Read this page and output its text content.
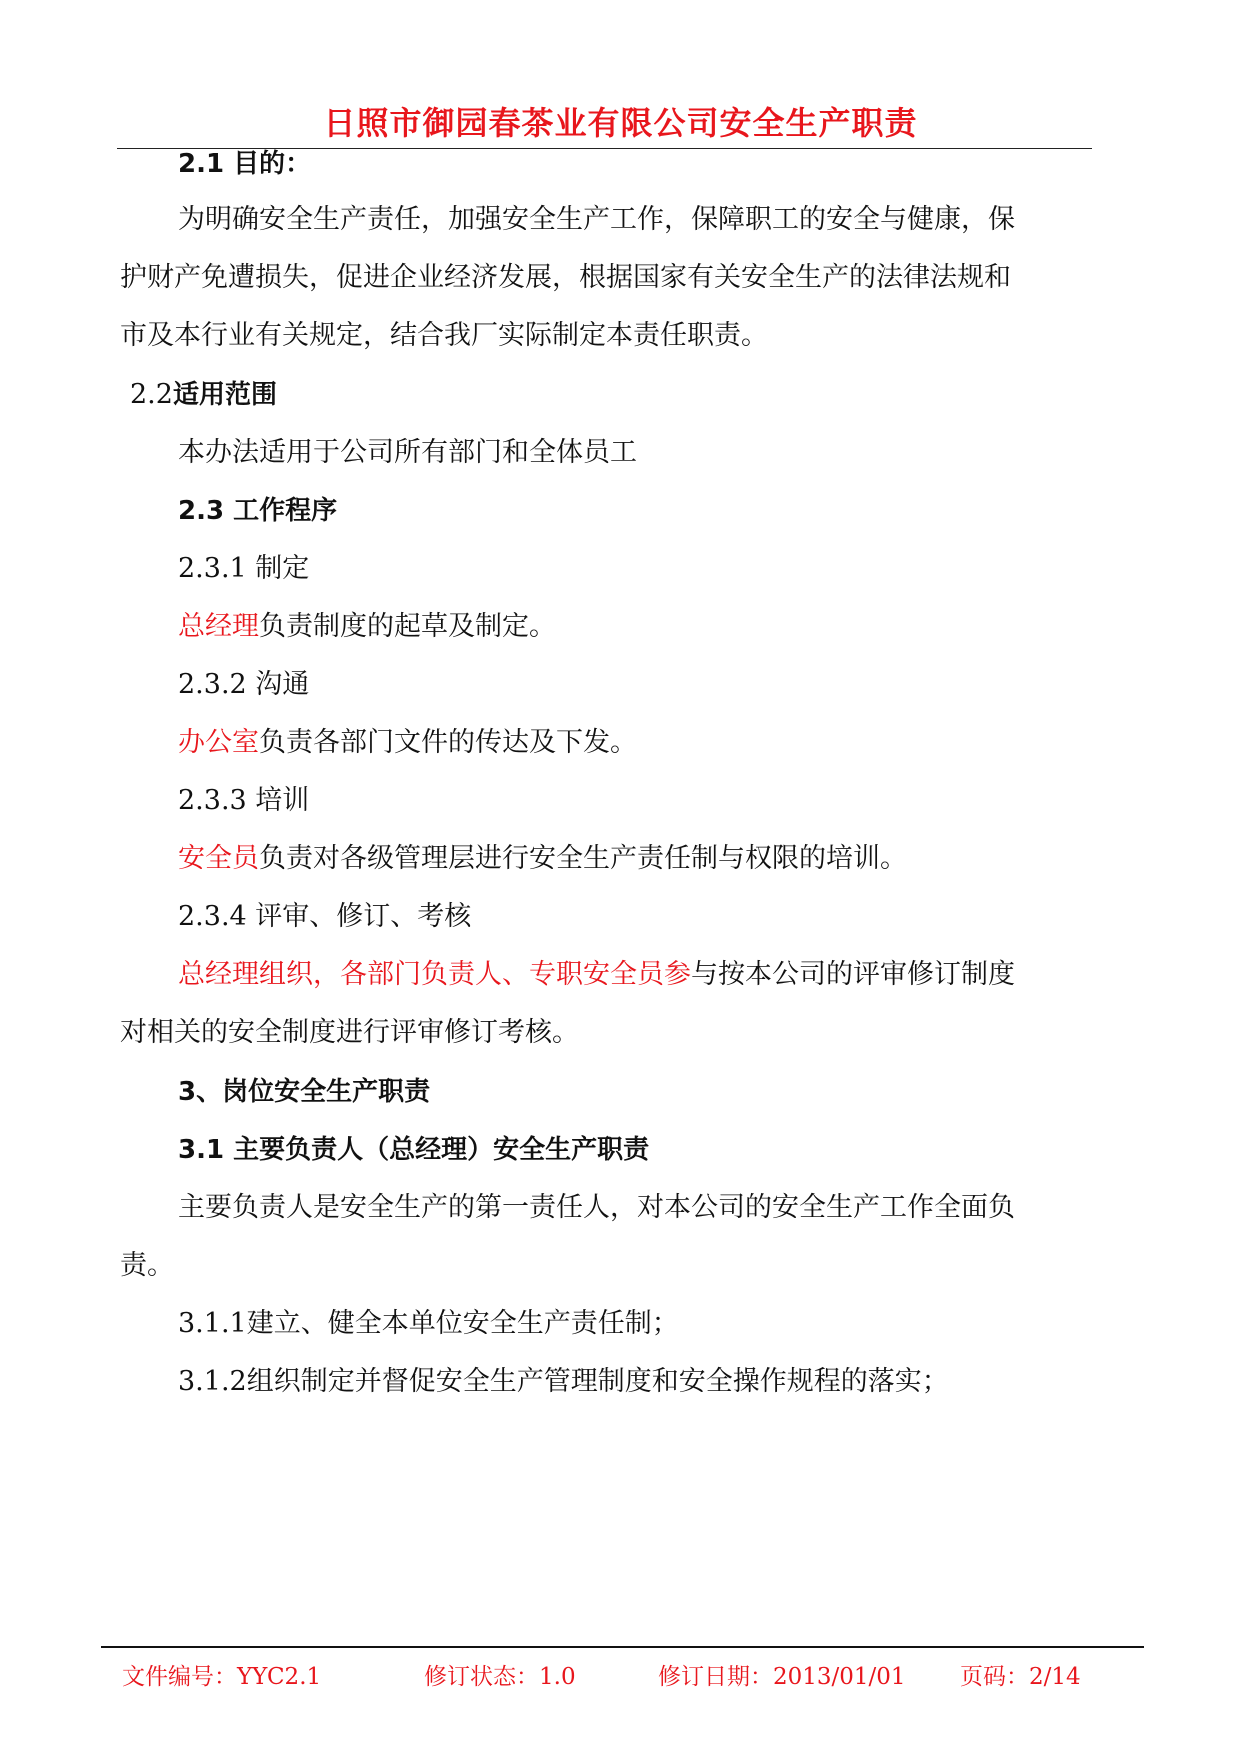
日照市御园春茶业有限公司安全生产职责

2.1 目的：

为明确安全生产责任，加强安全生产工作，保障职工的安全与健康，保

护财产免遭损失，促进企业经济发展，根据国家有关安全生产的法律法规和

市及本行业有关规定，结合我厂实际制定本责任职责。

2.2适用范围

本办法适用于公司所有部门和全体员工

2.3 工作程序

2.3.1 制定

总经理负责制度的起草及制定。

2.3.2 沟通

办公室负责各部门文件的传达及下发。

2.3.3 培训

安全员负责对各级管理层进行安全生产责任制与权限的培训。

2.3.4 评审、修订、考核

总经理组织，各部门负责人、专职安全员参与按本公司的评审修订制度

对相关的安全制度进行评审修订考核。

3、岗位安全生产职责

3.1 主要负责人（总经理）安全生产职责

主要负责人是安全生产的第一责任人，对本公司的安全生产工作全面负

责。

3.1.1建立、健全本单位安全生产责任制；

3.1.2组织制定并督促安全生产管理制度和安全操作规程的落实；

文件编号：YYC2.1	修订状态：1.0	修订日期：2013/01/01 页码：2/14
